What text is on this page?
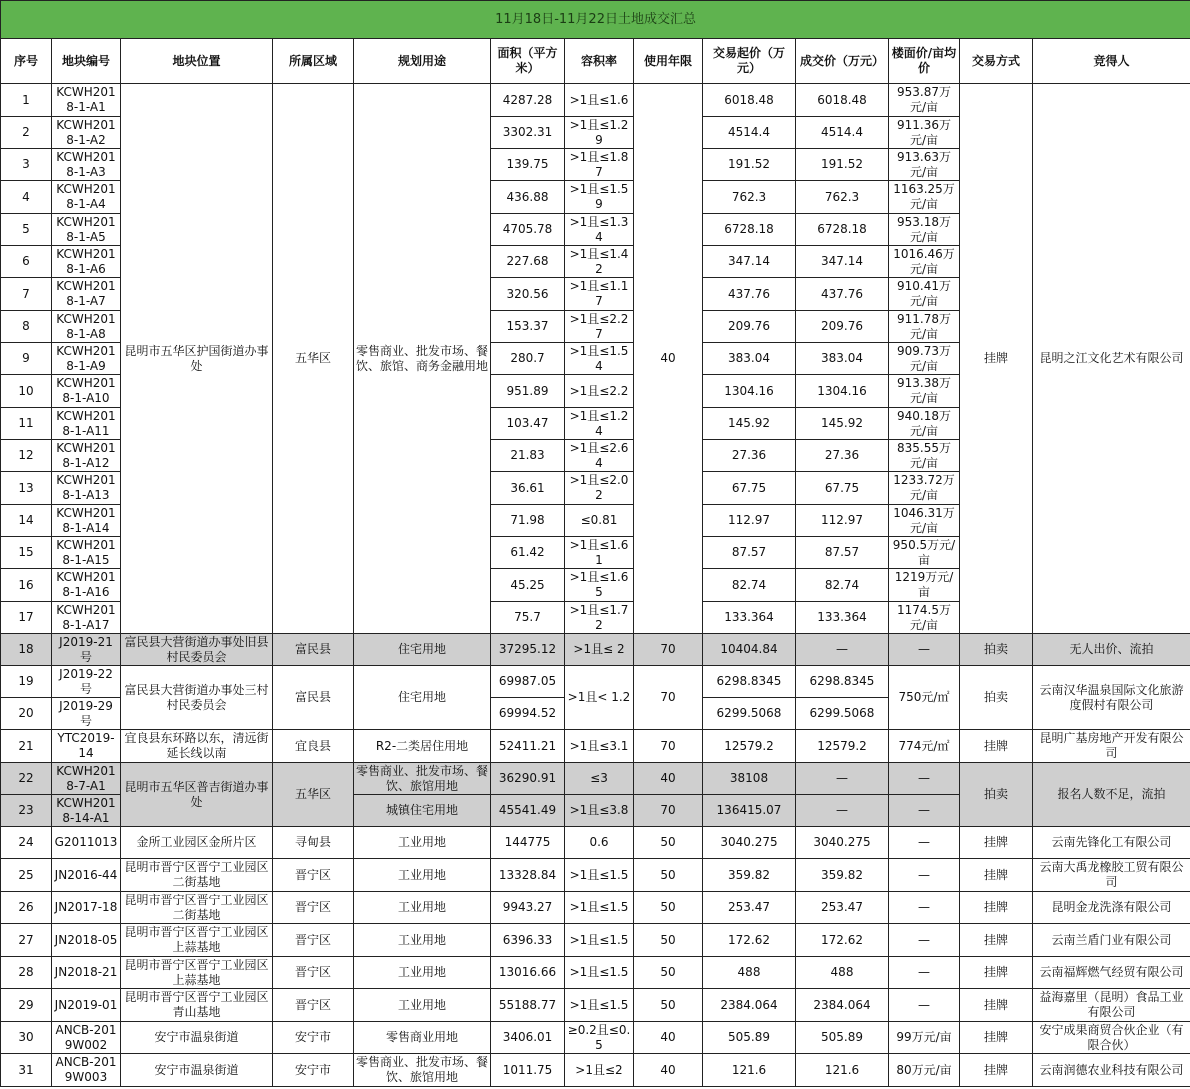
11月18日-11月22日土地成交汇总												
序号	地块编号	地块位置	所属区域	规划用途	面积（平方米）	容积率	使用年限	交易起价（万元）	成交价（万元）	楼面价/亩均价	交易方式	竞得人
1	KCWH2018-1-A1	昆明市五华区护国街道办事处	五华区	零售商业、批发市场、餐饮、旅馆、商务金融用地	4287.28	>1且≤1.6	40	6018.48	6018.48	953.87万元/亩	挂牌	昆明之江文化艺术有限公司
2	KCWH2018-1-A2				3302.31	>1且≤1.29		4514.4	4514.4	911.36万元/亩		
3	KCWH2018-1-A3				139.75	>1且≤1.87		191.52	191.52	913.63万元/亩		
4	KCWH2018-1-A4				436.88	>1且≤1.59		762.3	762.3	1163.25万元/亩		
5	KCWH2018-1-A5				4705.78	>1且≤1.34		6728.18	6728.18	953.18万元/亩		
6	KCWH2018-1-A6				227.68	>1且≤1.42		347.14	347.14	1016.46万元/亩		
7	KCWH2018-1-A7				320.56	>1且≤1.17		437.76	437.76	910.41万元/亩		
8	KCWH2018-1-A8				153.37	>1且≤2.27		209.76	209.76	911.78万元/亩		
9	KCWH2018-1-A9				280.7	>1且≤1.54		383.04	383.04	909.73万元/亩		
10	KCWH2018-1-A10				951.89	>1且≤2.2		1304.16	1304.16	913.38万元/亩		
11	KCWH2018-1-A11				103.47	>1且≤1.24		145.92	145.92	940.18万元/亩		
12	KCWH2018-1-A12				21.83	>1且≤2.64		27.36	27.36	835.55万元/亩		
13	KCWH2018-1-A13				36.61	>1且≤2.02		67.75	67.75	1233.72万元/亩		
14	KCWH2018-1-A14				71.98	≤0.81		112.97	112.97	1046.31万元/亩		
15	KCWH2018-1-A15				61.42	>1且≤1.61		87.57	87.57	950.5万元/亩		
16	KCWH2018-1-A16				45.25	>1且≤1.65		82.74	82.74	1219万元/亩		
17	KCWH2018-1-A17				75.7	>1且≤1.72		133.364	133.364	1174.5万元/亩		
18	J2019-21号	富民县大营街道办事处旧县村民委员会	富民县	住宅用地	37295.12	>1且≤ 2	70	10404.84	—	—	拍卖	无人出价、流拍
19	J2019-22号	富民县大营街道办事处三村村民委员会	富民县	住宅用地	69987.05	>1且< 1.2	70	6298.8345	6298.8345	750元/㎡	拍卖	云南汉华温泉国际文化旅游度假村有限公司
20	J2019-29号				69994.52			6299.5068	6299.5068			
21	YTC2019-14	宜良县东环路以东，清远街延长线以南	宜良县	R2-二类居住用地	52411.21	>1且≤3.1	70	12579.2	12579.2	774元/㎡	挂牌	昆明广基房地产开发有限公司
22	KCWH2018-7-A1	昆明市五华区普吉街道办事处	五华区	零售商业、批发市场、餐饮、旅馆用地	36290.91	≤3	40	38108	—	—	拍卖	报名人数不足，流拍
23	KCWH2018-14-A1			城镇住宅用地	45541.49	>1且≤3.8	70	136415.07	—	—		
24	G2011013	金所工业园区金所片区	寻甸县	工业用地	144775	0.6	50	3040.275	3040.275	—	挂牌	云南先锋化工有限公司
25	JN2016-44	昆明市晋宁区晋宁工业园区二街基地	晋宁区	工业用地	13328.84	>1且≤1.5	50	359.82	359.82	—	挂牌	云南大禹龙橡胶工贸有限公司
26	JN2017-18	昆明市晋宁区晋宁工业园区二街基地	晋宁区	工业用地	9943.27	>1且≤1.5	50	253.47	253.47	—	挂牌	昆明金龙洗涤有限公司
27	JN2018-05	昆明市晋宁区晋宁工业园区上蒜基地	晋宁区	工业用地	6396.33	>1且≤1.5	50	172.62	172.62	—	挂牌	云南兰盾门业有限公司
28	JN2018-21	昆明市晋宁区晋宁工业园区上蒜基地	晋宁区	工业用地	13016.66	>1且≤1.5	50	488	488	—	挂牌	云南福辉燃气经贸有限公司
29	JN2019-01	昆明市晋宁区晋宁工业园区青山基地	晋宁区	工业用地	55188.77	>1且≤1.5	50	2384.064	2384.064	—	挂牌	益海嘉里（昆明）食品工业有限公司
30	ANCB-2019W002	安宁市温泉街道	安宁市	零售商业用地	3406.01	≥0.2且≤0.5	40	505.89	505.89	99万元/亩	挂牌	安宁成果商贸合伙企业（有限合伙）
31	ANCB-2019W003	安宁市温泉街道	安宁市	零售商业、批发市场、餐饮、旅馆用地	1011.75	>1且≤2	40	121.6	121.6	80万元/亩	挂牌	云南润德农业科技有限公司
